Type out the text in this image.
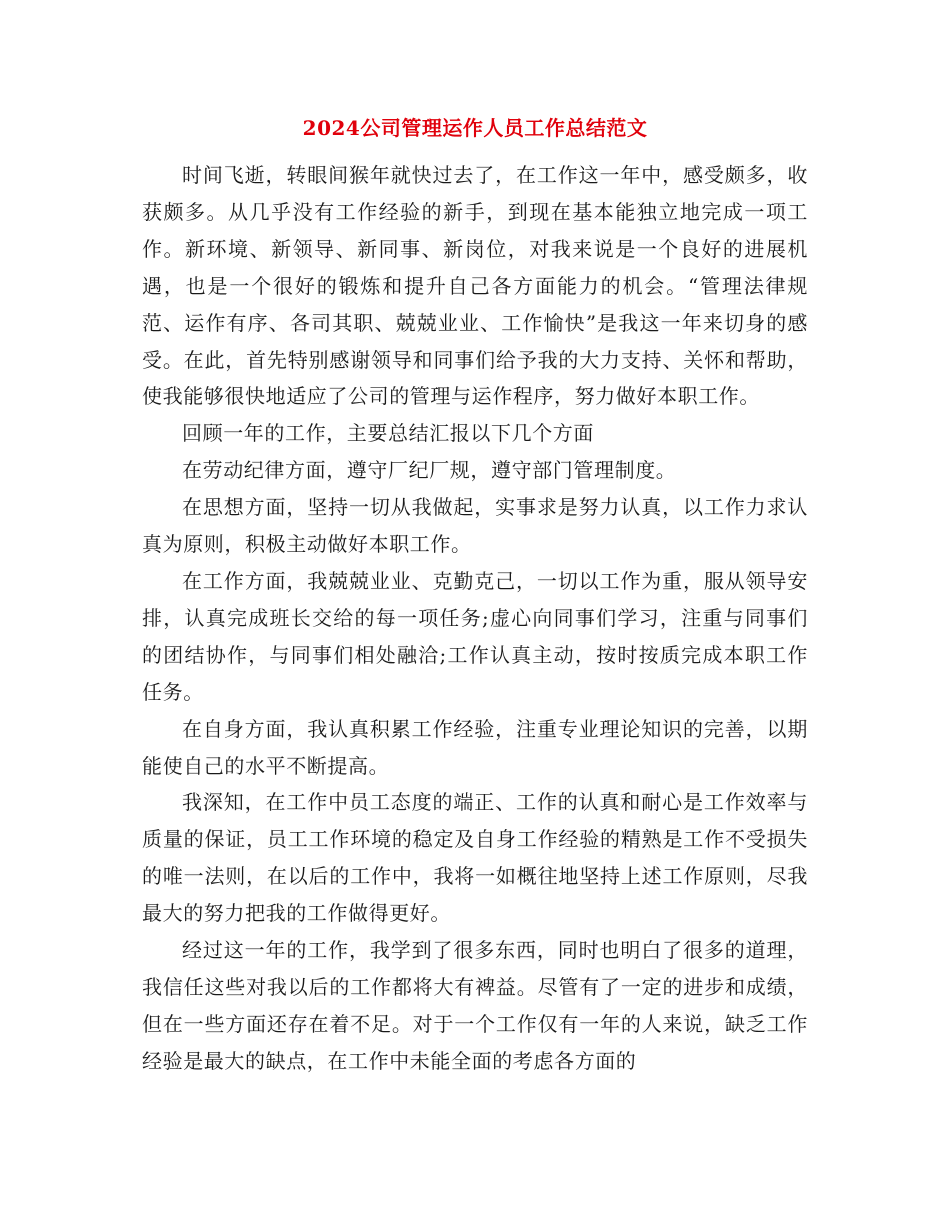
2024公司管理运作人员工作总结范文

时间飞逝，转眼间猴年就快过去了，在工作这一年中，感受颇多，收获颇多。从几乎没有工作经验的新手，到现在基本能独立地完成一项工作。新环境、新领导、新同事、新岗位，对我来说是一个良好的进展机遇，也是一个很好的锻炼和提升自己各方面能力的机会。“管理法律规范、运作有序、各司其职、兢兢业业、工作愉快”是我这一年来切身的感受。在此，首先特别感谢领导和同事们给予我的大力支持、关怀和帮助，使我能够很快地适应了公司的管理与运作程序，努力做好本职工作。

回顾一年的工作，主要总结汇报以下几个方面

在劳动纪律方面，遵守厂纪厂规，遵守部门管理制度。

在思想方面，坚持一切从我做起，实事求是努力认真，以工作力求认真为原则，积极主动做好本职工作。

在工作方面，我兢兢业业、克勤克己，一切以工作为重，服从领导安排，认真完成班长交给的每一项任务;虚心向同事们学习，注重与同事们的团结协作，与同事们相处融洽;工作认真主动，按时按质完成本职工作任务。

在自身方面，我认真积累工作经验，注重专业理论知识的完善，以期能使自己的水平不断提高。

我深知，在工作中员工态度的端正、工作的认真和耐心是工作效率与质量的保证，员工工作环境的稳定及自身工作经验的精熟是工作不受损失的唯一法则，在以后的工作中，我将一如概往地坚持上述工作原则，尽我最大的努力把我的工作做得更好。

经过这一年的工作，我学到了很多东西，同时也明白了很多的道理，我信任这些对我以后的工作都将大有裨益。尽管有了一定的进步和成绩，但在一些方面还存在着不足。对于一个工作仅有一年的人来说，缺乏工作经验是最大的缺点，在工作中未能全面的考虑各方面的
